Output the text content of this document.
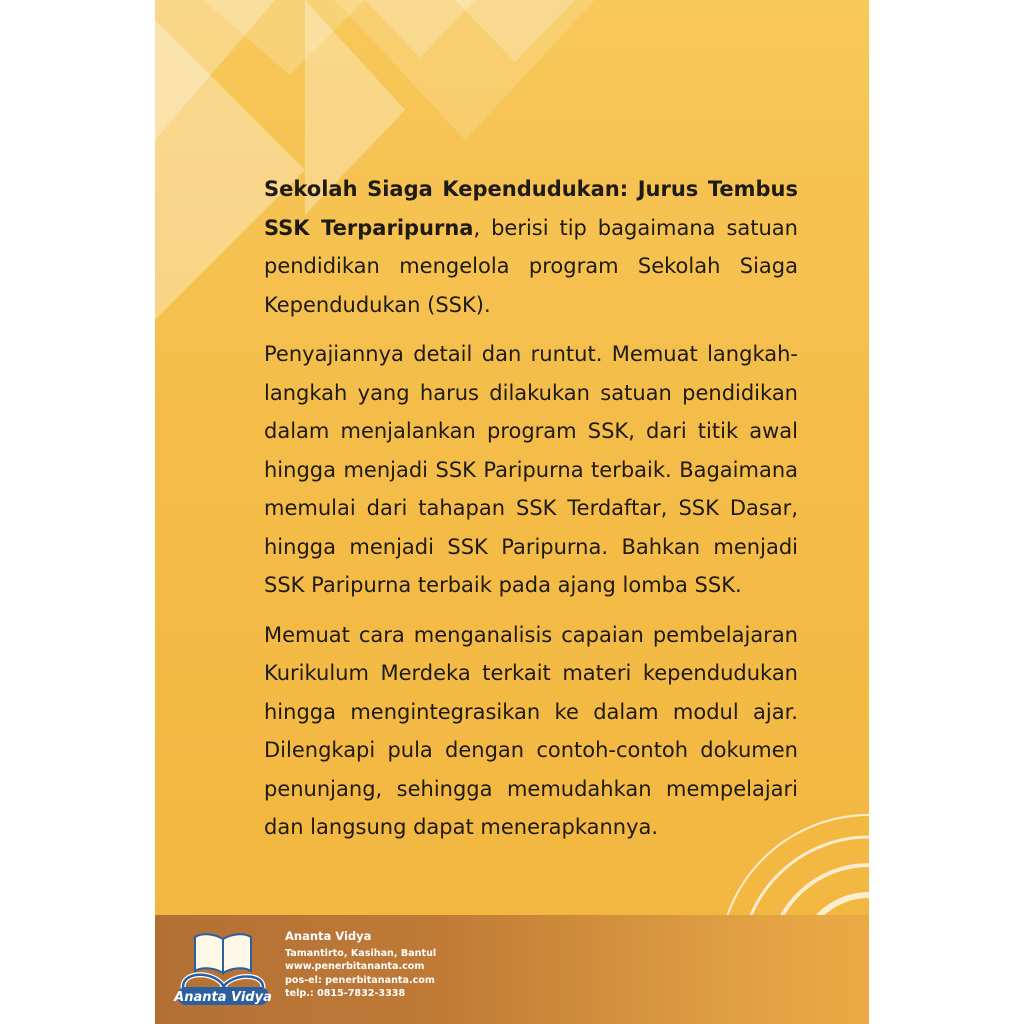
Sekolah Siaga Kependudukan: Jurus Tembus SSK Terparipurna, berisi tip bagaimana satuan pendidikan mengelola program Sekolah Siaga Kependudukan (SSK).

Penyajiannya detail dan runtut. Memuat langkah-langkah yang harus dilakukan satuan pendidikan dalam menjalankan program SSK, dari titik awal hingga menjadi SSK Paripurna terbaik. Bagaimana memulai dari tahapan SSK Terdaftar, SSK Dasar, hingga menjadi SSK Paripurna. Bahkan menjadi SSK Paripurna terbaik pada ajang lomba SSK.

Memuat cara menganalisis capaian pembelajaran Kurikulum Merdeka terkait materi kependudukan hingga mengintegrasikan ke dalam modul ajar. Dilengkapi pula dengan contoh-contoh dokumen penunjang, sehingga memudahkan mempelajari dan langsung dapat menerapkannya.

Ananta Vidya
Ananta Vidya
Tamantirto, Kasihan, Bantul
www.penerbitananta.com
pos-el: penerbitananta.com
telp.: 0815-7832-3338
